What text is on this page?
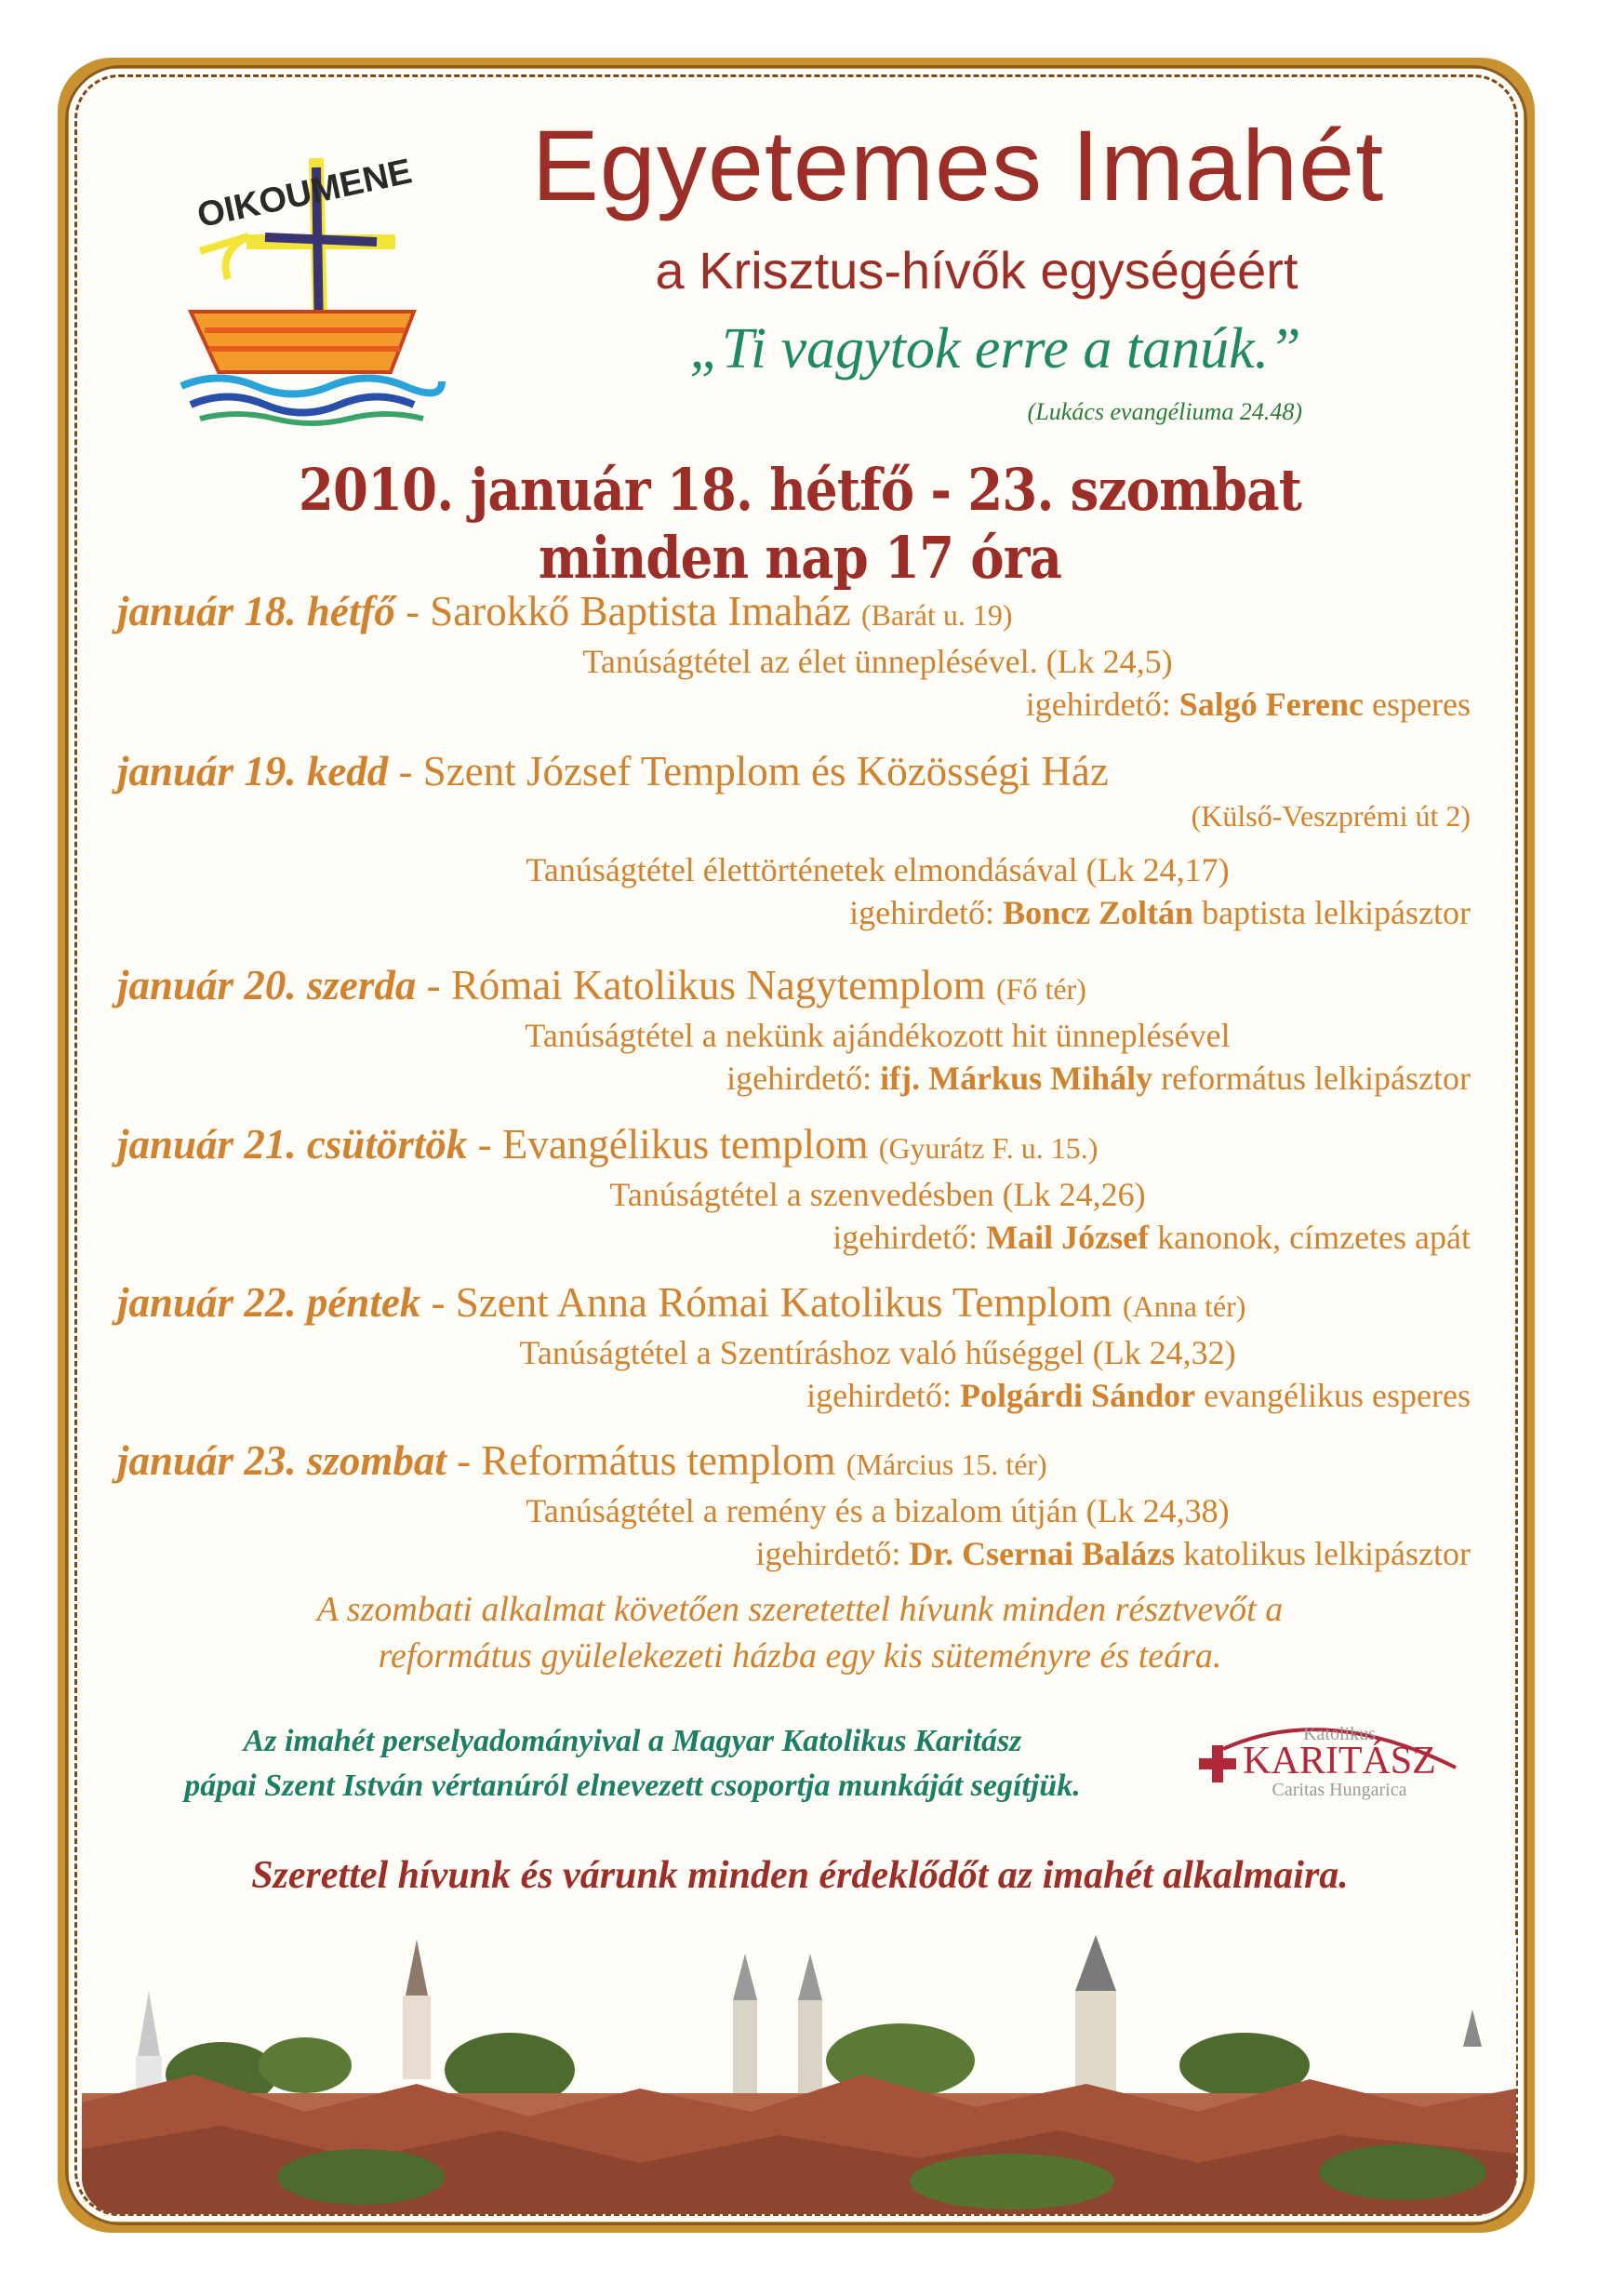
OIKOUMENE	Egyetemes Imahét
a Krisztus-hívők egységéért
„Ti vagytok erre a tanúk.”
(Lukács evangéliuma 24.48)
2010. január 18. hétfő - 23. szombat minden nap 17 óra
január 18. hétfő - Sarokkő Baptista Imaház (Barát u. 19)
Tanúságtétel az élet ünneplésével. (Lk 24,5)
igehirdető: Salgó Ferenc esperes
január 19. kedd - Szent József Templom és Közösségi Ház
(Külső-Veszprémi út 2)
Tanúságtétel élettörténetek elmondásával (Lk 24,17)
igehirdető: Boncz Zoltán baptista lelkipásztor
január 20. szerda - Római Katolikus Nagytemplom (Fő tér)
Tanúságtétel a nekünk ajándékozott hit ünneplésével
igehirdető: ifj. Márkus Mihály református lelkipásztor
január 21. csütörtök - Evangélikus templom (Gyurátz F. u. 15.)
Tanúságtétel a szenvedésben (Lk 24,26)
igehirdető: Mail József kanonok, címzetes apát
január 22. péntek - Szent Anna Római Katolikus Templom (Anna tér)
Tanúságtétel a Szentíráshoz való hűséggel (Lk 24,32)
igehirdető: Polgárdi Sándor evangélikus esperes
január 23. szombat - Református templom (Március 15. tér)
Tanúságtétel a remény és a bizalom útján (Lk 24,38)
igehirdető: Dr. Csernai Balázs katolikus lelkipásztor
A szombati alkalmat követően szeretettel hívunk minden résztvevőt a
református gyülelekezeti házba egy kis süteményre és teára.
Az imahét perselyadományival a Magyar Katolikus Karitász
pápai Szent István vértanúról elnevezett csoportja munkáját segítjük.
Katolikus
KARITÁSZ
Caritas Hungarica
Szerettel hívunk és várunk minden érdeklődőt az imahét alkalmaira.
